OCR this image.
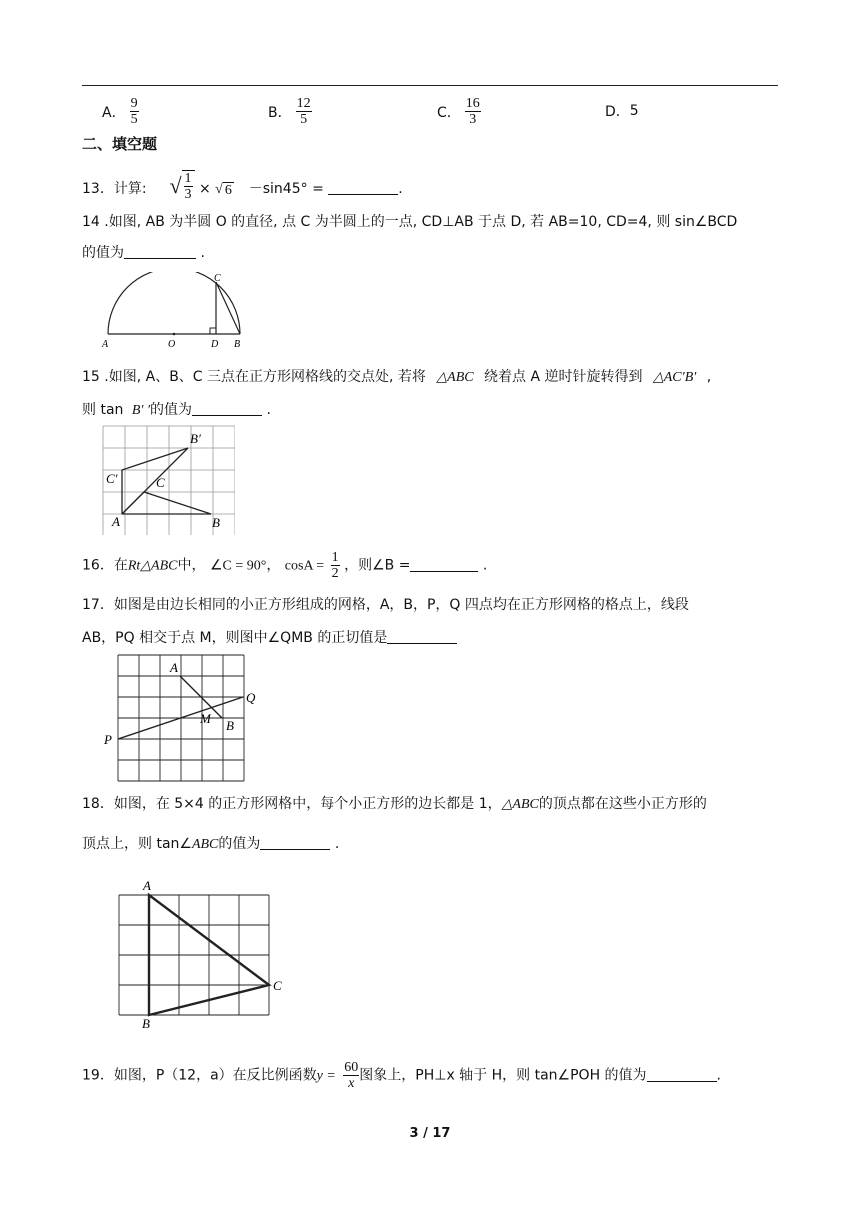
A． $\frac{9}{5}$	B． $\frac{12}{5}$	C． $\frac{16}{3}$	D． 5
二、填空题
13．计算: √ $\frac{1}{3}$ × √ 6 －sin45° =	.
14 .如图, AB 为半圆 O 的直径, 点 C 为半圆上的一点, CD⊥AB 于点 D, 若 AB=10, CD=4, 则 sin∠BCD
的值为	.
A	O	D B
C
15 .如图, A、B、C 三点在正方形网格线的交点处, 若将 △ABC 绕着点 A 逆时针旋转得到 △AC′B′ ,
则 tan B′ ′的值为	.
A	B
C
C′
B′
16．在Rt△ABC中， ∠C = 90°， $\cos A = \frac{1}{2}$ ，则∠B =	.
17．如图是由边长相同的小正方形组成的网格，A，B，P，Q 四点均在正方形网格的格点上，线段
AB，PQ 相交于点 M，则图中∠QMB 的正切值是
A
B
P
Q
M
18．如图，在 5×4 的正方形网格中，每个小正方形的边长都是 1，△ABC的顶点都在这些小正方形的
顶点上，则 tan∠ABC的值为	.
A
B
C
19．如图，P（12，a）在反比例函数$y = \frac{60}{x}$ 图象上，PH⊥x 轴于 H，则 tan∠POH 的值为	.
3 / 17
